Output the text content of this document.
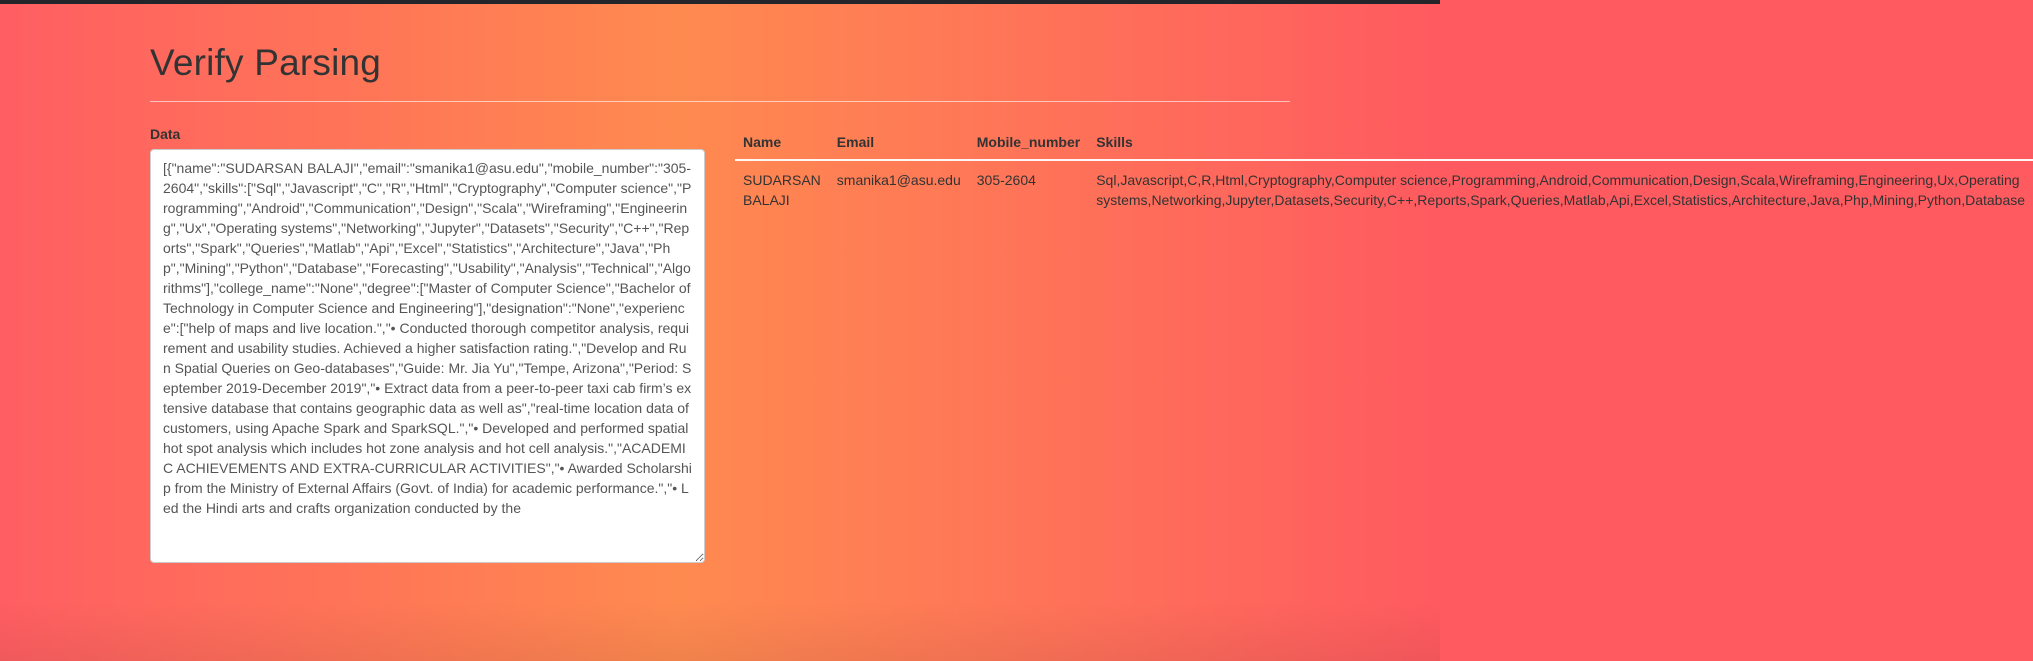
Verify Parsing
Data
[{"name":"SUDARSAN BALAJI","email":"smanika1@asu.edu","mobile_number":"305-2604","skills":["Sql","Javascript","C","R","Html","Cryptography","Computer science","Programming","Android","Communication","Design","Scala","Wireframing","Engineering","Ux","Operating systems","Networking","Jupyter","Datasets","Security","C++","Reports","Spark","Queries","Matlab","Api","Excel","Statistics","Architecture","Java","Php","Mining","Python","Database","Forecasting","Usability","Analysis","Technical","Algorithms"],"college_name":"None","degree":["Master of Computer Science","Bachelor of Technology in Computer Science and Engineering"],"designation":"None","experience":["help of maps and live location.","• Conducted thorough competitor analysis, requirement and usability studies. Achieved a higher satisfaction rating.","Develop and Run Spatial Queries on Geo-databases","Guide: Mr. Jia Yu","Tempe, Arizona","Period: September 2019-December 2019","• Extract data from a peer-to-peer taxi cab firm’s extensive database that contains geographic data as well as","real-time location data of customers, using Apache Spark and SparkSQL.","• Developed and performed spatial hot spot analysis which includes hot zone analysis and hot cell analysis.","ACADEMIC ACHIEVEMENTS AND EXTRA-CURRICULAR ACTIVITIES","• Awarded Scholarship from the Ministry of External Affairs (Govt. of India) for academic performance.","• Led the Hindi arts and crafts organization conducted by the	Name	Email	Mobile_number	Skills
SUDARSAN BALAJI	smanika1@asu.edu	305-2604	Sql,Javascript,C,R,Html,Cryptography,Computer science,Programming,Android,Communication,Design,Scala,Wireframing,Engineering,Ux,Operating
systems,Networking,Jupyter,Datasets,Security,C++,Reports,Spark,Queries,Matlab,Api,Excel,Statistics,Architecture,Java,Php,Mining,Python,Database
